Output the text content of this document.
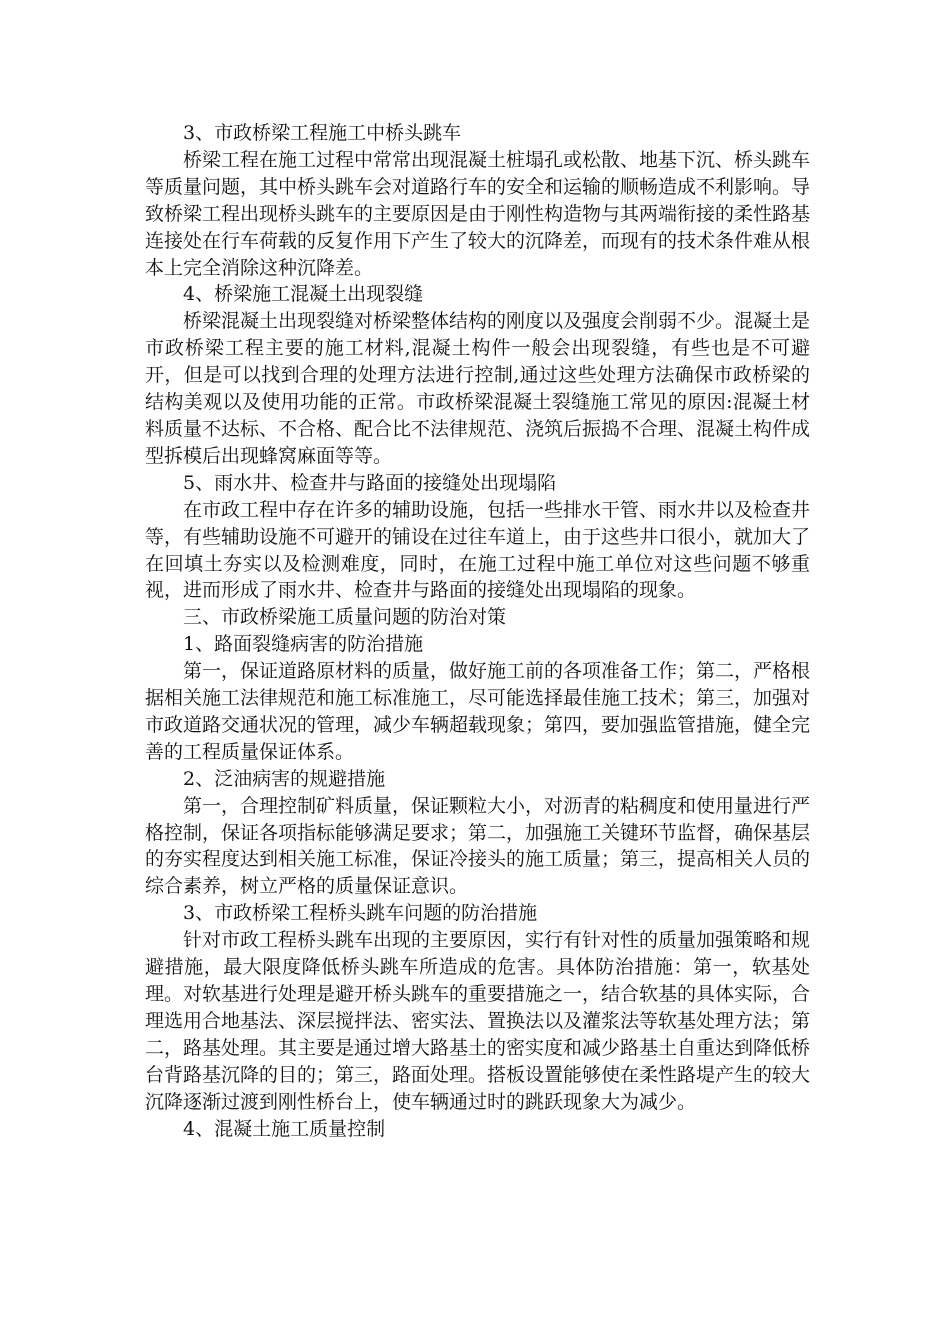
3、市政桥梁工程施工中桥头跳车

桥梁工程在施工过程中常常出现混凝土桩塌孔或松散、地基下沉、桥头跳车等质量问题，其中桥头跳车会对道路行车的安全和运输的顺畅造成不利影响。导致桥梁工程出现桥头跳车的主要原因是由于刚性构造物与其两端衔接的柔性路基连接处在行车荷载的反复作用下产生了较大的沉降差，而现有的技术条件难从根本上完全消除这种沉降差。

4、桥梁施工混凝土出现裂缝

桥梁混凝土出现裂缝对桥梁整体结构的刚度以及强度会削弱不少。混凝土是市政桥梁工程主要的施工材料,混凝土构件一般会出现裂缝，有些也是不可避开，但是可以找到合理的处理方法进行控制,通过这些处理方法确保市政桥梁的结构美观以及使用功能的正常。市政桥梁混凝土裂缝施工常见的原因:混凝土材料质量不达标、不合格、配合比不法律规范、浇筑后振捣不合理、混凝土构件成型拆模后出现蜂窝麻面等等。

5、雨水井、检查井与路面的接缝处出现塌陷

在市政工程中存在许多的辅助设施，包括一些排水干管、雨水井以及检查井等，有些辅助设施不可避开的铺设在过往车道上，由于这些井口很小，就加大了在回填土夯实以及检测难度，同时，在施工过程中施工单位对这些问题不够重视，进而形成了雨水井、检查井与路面的接缝处出现塌陷的现象。

三、市政桥梁施工质量问题的防治对策

1、路面裂缝病害的防治措施

第一，保证道路原材料的质量，做好施工前的各项准备工作；第二，严格根据相关施工法律规范和施工标准施工，尽可能选择最佳施工技术；第三，加强对市政道路交通状况的管理，减少车辆超载现象；第四，要加强监管措施，健全完善的工程质量保证体系。

2、泛油病害的规避措施

第一，合理控制矿料质量，保证颗粒大小，对沥青的粘稠度和使用量进行严格控制，保证各项指标能够满足要求；第二，加强施工关键环节监督，确保基层的夯实程度达到相关施工标准，保证冷接头的施工质量；第三，提高相关人员的综合素养，树立严格的质量保证意识。

3、市政桥梁工程桥头跳车问题的防治措施

针对市政工程桥头跳车出现的主要原因，实行有针对性的质量加强策略和规避措施，最大限度降低桥头跳车所造成的危害。具体防治措施：第一，软基处理。对软基进行处理是避开桥头跳车的重要措施之一，结合软基的具体实际，合理选用合地基法、深层搅拌法、密实法、置换法以及灌浆法等软基处理方法；第二，路基处理。其主要是通过增大路基土的密实度和减少路基土自重达到降低桥台背路基沉降的目的；第三，路面处理。搭板设置能够使在柔性路堤产生的较大沉降逐渐过渡到刚性桥台上，使车辆通过时的跳跃现象大为减少。

4、混凝土施工质量控制
